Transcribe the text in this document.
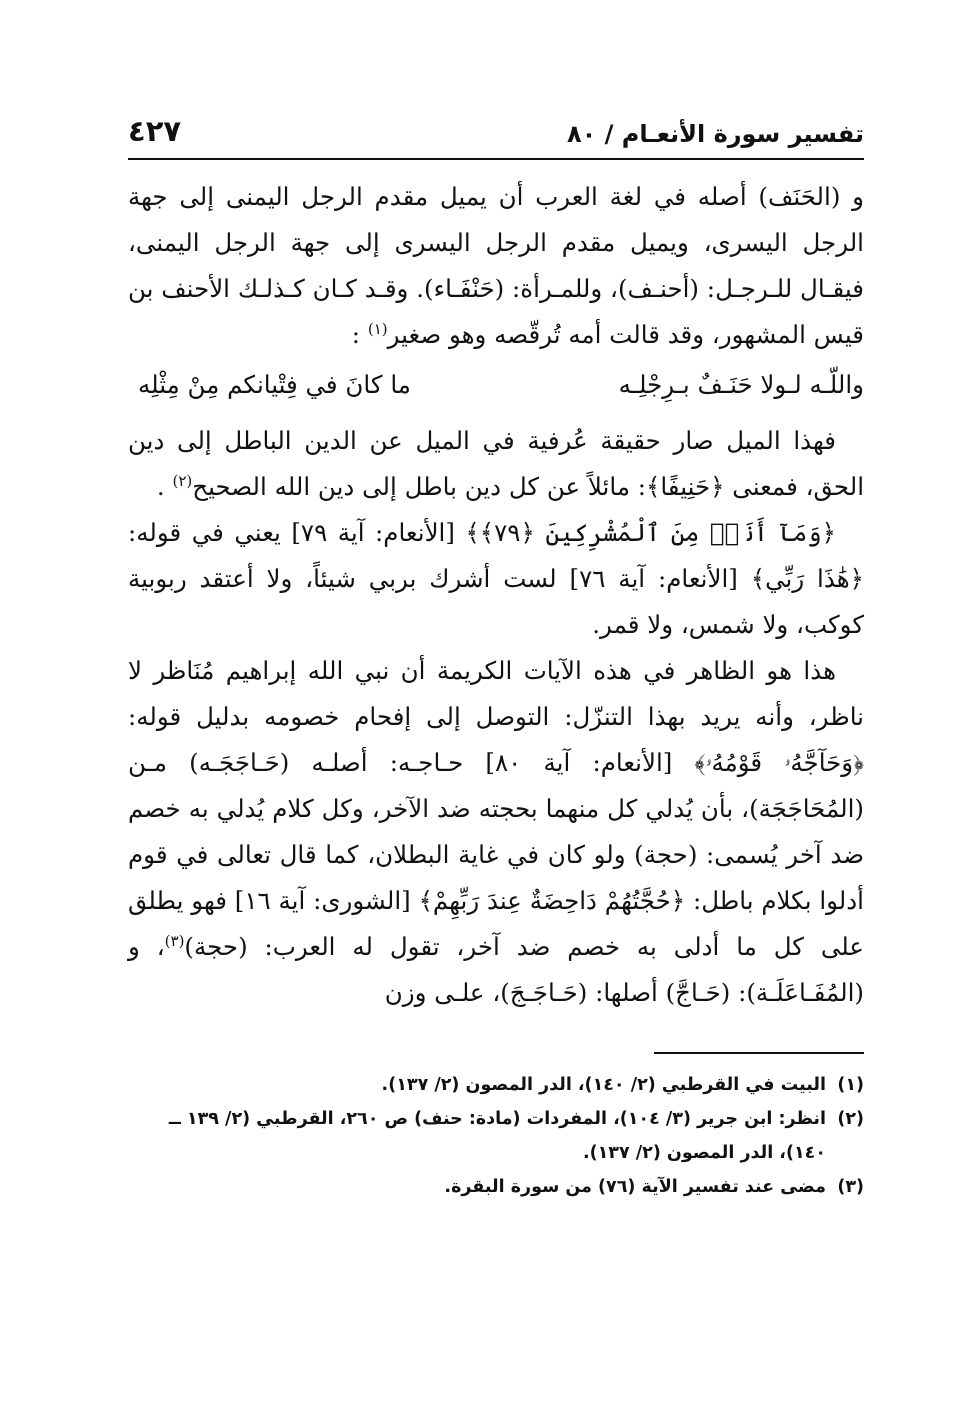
تفسير سورة الأنعـام / ٨٠
٤٢٧

و (الحَنَف) أصله في لغة العرب أن يميل مقدم الرجل اليمنى إلى جهة الرجل اليسرى، ويميل مقدم الرجل اليسرى إلى جهة الرجل اليمنى، فيقـال للـرجـل: (أحنـف)، وللمـرأة: (حَنْفَـاء). وقـد كـان كـذلـك الأحنف بن قيس المشهور، وقد قالت أمه تُرقّصه وهو صغير$^{(١)}$ :

واللّـه لـولا حَنَـفٌ بـرِجْلِـه
ما كانَ في فِتْيانكم مِنْ مِثْلِه

فهذا الميل صار حقيقة عُرفية في الميل عن الدين الباطل إلى دين الحق، فمعنى ﴿حَنِيفًا﴾: مائلاً عن كل دين باطل إلى دين الله الصحيح$^{(٢)}$ .

﴿وَمَآ أَنَا۠ مِنَ ٱلْمُشْرِكِينَ ﴿٧٩﴾﴾ [الأنعام: آية ٧٩] يعني في قوله: ﴿هَٰذَا رَبِّي﴾ [الأنعام: آية ٧٦] لست أشرك بربي شيئاً، ولا أعتقد ربوبية كوكب، ولا شمس، ولا قمر.

هذا هو الظاهر في هذه الآيات الكريمة أن نبي الله إبراهيم مُنَاظر لا ناظر، وأنه يريد بهذا التنزّل: التوصل إلى إفحام خصومه بدليل قوله: ﴿وَحَآجَّهُۥ قَوْمُهُۥ﴾ [الأنعام: آية ٨٠] حـاجـه: أصلـه (حَـاجَجَـه) مـن (المُحَاجَجَة)، بأن يُدلي كل منهما بحجته ضد الآخر، وكل كلام يُدلي به خصم ضد آخر يُسمى: (حجة) ولو كان في غاية البطلان، كما قال تعالى في قوم أدلوا بكلام باطل: ﴿حُجَّتُهُمْ دَاحِضَةٌ عِندَ رَبِّهِمْ﴾ [الشورى: آية ١٦] فهو يطلق على كل ما أدلى به خصم ضد آخر، تقول له العرب: (حجة)$^{(٣)}$، و (المُفَـاعَلَـة): (حَـاجَّ) أصلها: (حَـاجَـجَ)، علـى وزن

(١)
البيت في القرطبي (٢/ ١٤٠)، الدر المصون (٢/ ١٣٧).
(٢)
انظر: ابن جرير (٣/ ١٠٤)، المفردات (مادة: حنف) ص ٢٦٠، القرطبي (٢/ ١٣٩ ــ ١٤٠)، الدر المصون (٢/ ١٣٧).
(٣)
مضى عند تفسير الآية (٧٦) من سورة البقرة.
